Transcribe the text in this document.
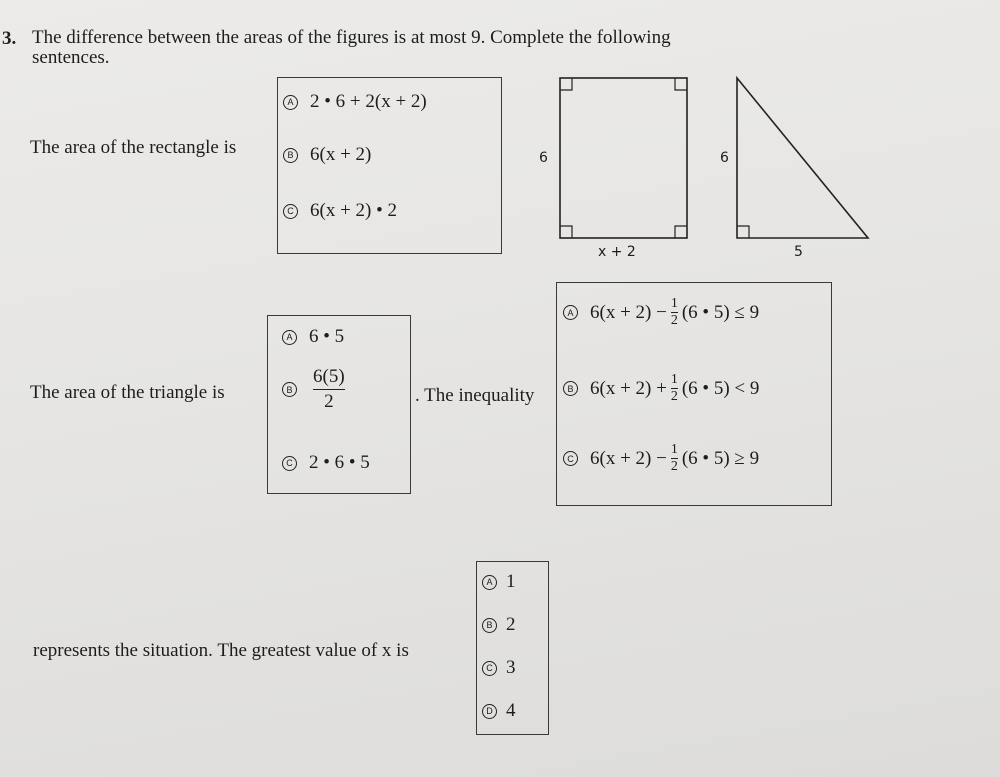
3. The difference between the areas of the figures is at most 9. Complete the following sentences.
The area of the rectangle is
A 2 • 6 + 2(x + 2)
B 6(x + 2)
C 6(x + 2) • 2
6
x + 2
6
5
The area of the triangle is
A 6 • 5
B $\frac{6(5)}{2}$
C 2 • 6 • 5
. The inequality
A $6(x + 2) - \frac{1}{2} (6$ • 5) ≤ 9
B $6(x + 2) + \frac{1}{2} (6$ • 5) < 9
C $6(x + 2) - \frac{1}{2} (6$ • 5) ≥ 9
represents the situation. The greatest value of x is
A 1
B 2
C 3
D 4
